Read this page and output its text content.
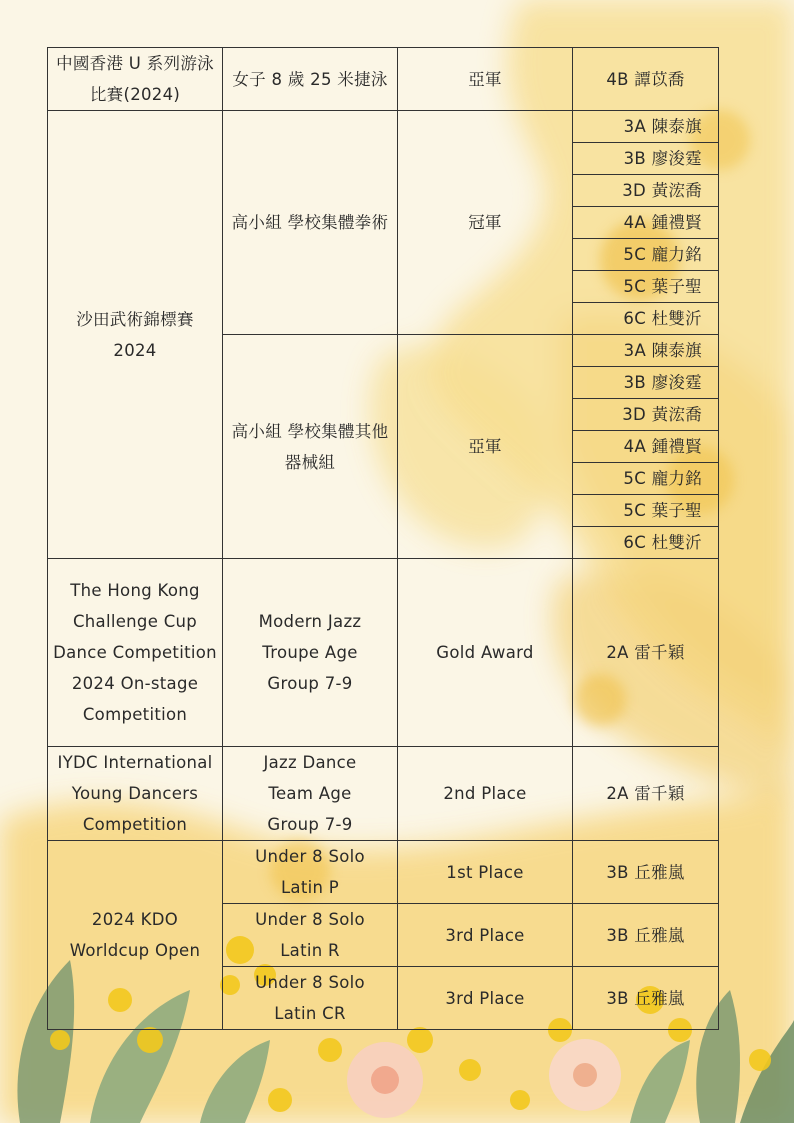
中國香港 U 系列游泳比賽(2024)	女子 8 歲 25 米捷泳	亞軍	4B 譚苡喬
沙田武術錦標賽 2024	高小組 學校集體拳術	冠軍	3A 陳泰旗
			3B 廖浚霆
			3D 黃浤喬
			4A 鍾禮賢
			5C 龐力銘
			5C 葉子聖
			6C 杜雙沂
	高小組 學校集體其他器械組	亞軍	3A 陳泰旗
			3B 廖浚霆
			3D 黃浤喬
			4A 鍾禮賢
			5C 龐力銘
			5C 葉子聖
			6C 杜雙沂
The Hong Kong Challenge Cup Dance Competition 2024 On-stage Competition	Modern Jazz Troupe Age Group 7-9	Gold Award	2A 雷千穎
IYDC International Young Dancers Competition	Jazz Dance Team Age Group 7-9	2nd Place	2A 雷千穎
2024 KDO Worldcup Open	Under 8 Solo Latin P	1st Place	3B 丘雅嵐
	Under 8 Solo Latin R	3rd Place	3B 丘雅嵐
	Under 8 Solo Latin CR	3rd Place	3B 丘雅嵐
